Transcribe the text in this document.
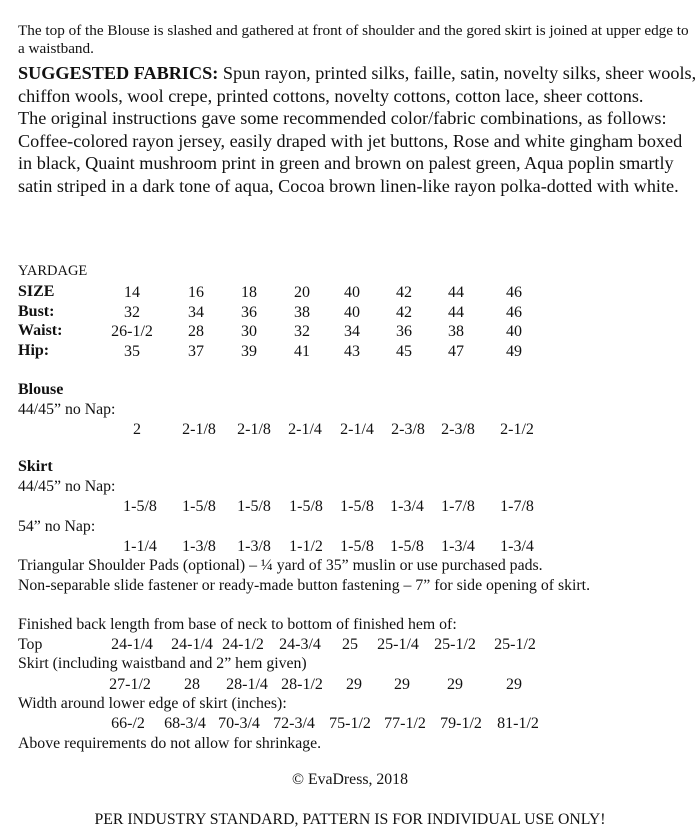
The top of the Blouse is slashed and gathered at front of shoulder and the gored skirt is joined at upper edge to a waistband.

SUGGESTED FABRICS: Spun rayon, printed silks, faille, satin, novelty silks, sheer wools, chiffon wools, wool crepe, printed cottons, novelty cottons, cotton lace, sheer cottons.

The original instructions gave some recommended color/fabric combinations, as follows: Coffee-colored rayon jersey, easily draped with jet buttons, Rose and white gingham boxed in black, Quaint mushroom print in green and brown on palest green, Aqua poplin smartly satin striped in a dark tone of aqua, Cocoa brown linen-like rayon polka-dotted with white.

YARDAGE
SIZE	14	16	18	20	40	42	44	46
Bust:	32	34	36	38	40	42	44	46
Waist:	26-1/2	28	30	32	34	36	38	40
Hip:	35	37	39	41	43	45	47	49
Blouse
44/45” no Nap:
2	2-1/8	2-1/8	2-1/4	2-1/4	2-3/8	2-3/8	2-1/2
Skirt
44/45” no Nap:
1-5/8	1-5/8	1-5/8	1-5/8	1-5/8	1-3/4	1-7/8	1-7/8
54” no Nap:
1-1/4	1-3/8	1-3/8	1-1/2	1-5/8	1-5/8	1-3/4	1-3/4
Triangular Shoulder Pads (optional) – ¼ yard of 35” muslin or use purchased pads.
Non-separable slide fastener or ready-made button fastening – 7” for side opening of skirt.
Finished back length from base of neck to bottom of finished hem of:
Top	24-1/4	24-1/4 24-1/2 24-3/4	25	25-1/4 25-1/2	25-1/2
Skirt (including waistband and 2” hem given)
27-1/2	28	28-1/4 28-1/2	29	29	29	29
Width around lower edge of skirt (inches):
66-/2	68-3/4 70-3/4 72-3/4 75-1/2 77-1/2 79-1/2 81-1/2
Above requirements do not allow for shrinkage.
© EvaDress, 2018
PER INDUSTRY STANDARD, PATTERN IS FOR INDIVIDUAL USE ONLY!
